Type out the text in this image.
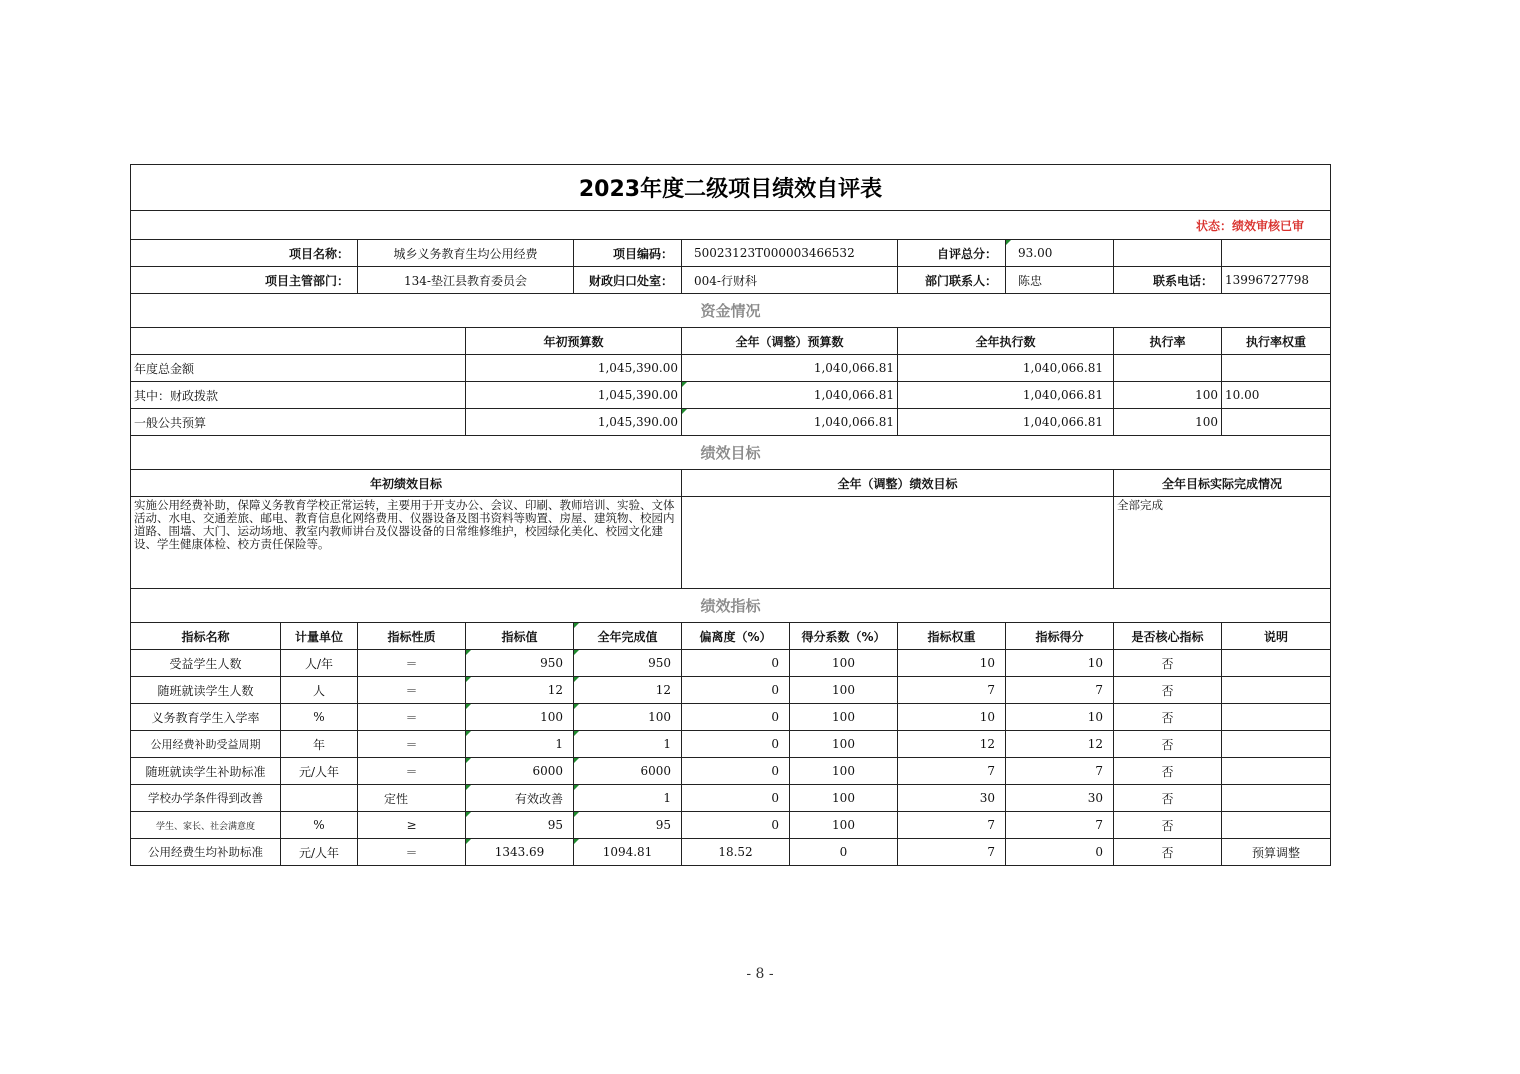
2023年度二级项目绩效自评表											
状态：绩效审核已审											
项目名称：		城乡义务教育生均公用经费		项目编码：	50023123T000003466532		自评总分：	93.00			
项目主管部门：		134-垫江县教育委员会		财政归口处室：	004-行财科		部门联系人：	陈忠	联系电话：	13996727798	
资金情况											
			年初预算数		全年（调整）预算数		全年执行数		执行率	执行率权重	
年度总金额			1,045,390.00		1,040,066.81		1,040,066.81				
其中：财政拨款			1,045,390.00		1,040,066.81		1,040,066.81		100	10.00	
一般公共预算			1,045,390.00		1,040,066.81		1,040,066.81		100		
绩效目标											
年初绩效目标					全年（调整）绩效目标				全年目标实际完成情况		
实施公用经费补助，保障义务教育学校正常运转，主要用于开支办公、会议、印刷、教师培训、实验、文体活动、水电、交通差旅、邮电、教育信息化网络费用、仪器设备及图书资料等购置、房屋、建筑物、校园内道路、围墙、大门、运动场地、教室内教师讲台及仪器设备的日常维修维护，校园绿化美化、校园文化建设、学生健康体检、校方责任保险等。									全部完成		
绩效指标											
指标名称	计量单位	指标性质	指标值	全年完成值	偏离度（%）	得分系数（%）	指标权重	指标得分	是否核心指标	说明	
受益学生人数	人/年	＝	950	950	0	100	10	10	否		
随班就读学生人数	人	＝	12	12	0	100	7	7	否		
义务教育学生入学率	%	＝	100	100	0	100	10	10	否		
公用经费补助受益周期	年	＝	1	1	0	100	12	12	否		
随班就读学生补助标准	元/人年	＝	6000	6000	0	100	7	7	否		
学校办学条件得到改善		定性	有效改善	1	0	100	30	30	否		
学生、家长、社会满意度	%	≥	95	95	0	100	7	7	否		
公用经费生均补助标准	元/人年	＝	1343.69	1094.81	18.52	0	7	0	否	预算调整	
- 8 -
